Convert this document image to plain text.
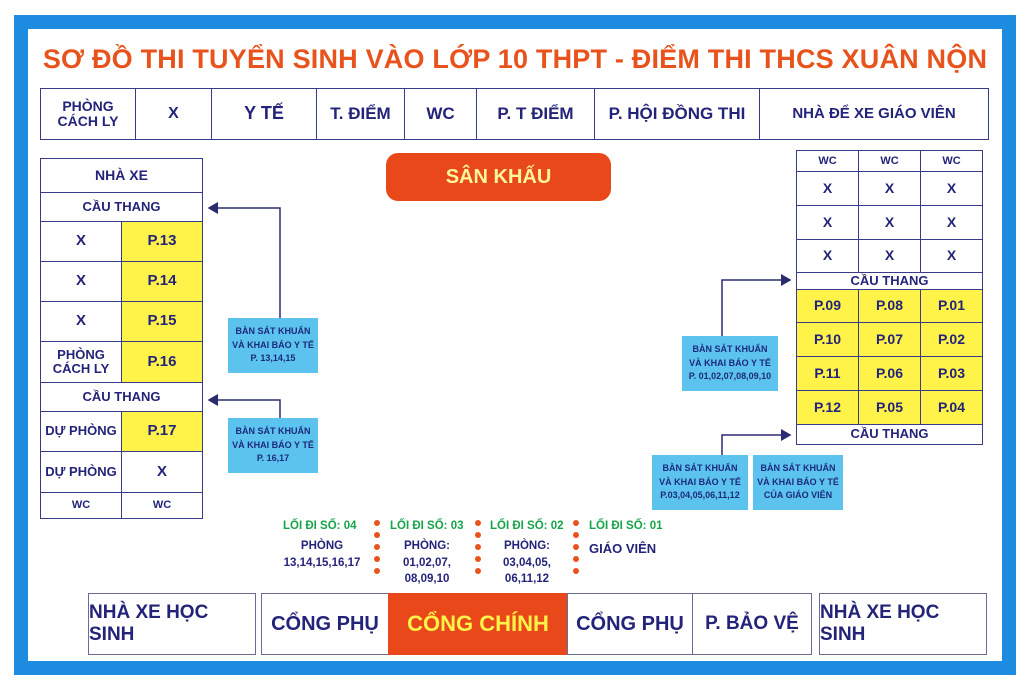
SƠ ĐỒ THI TUYỂN SINH VÀO LỚP 10 THPT - ĐIỂM THI THCS XUÂN NỘN
PHÒNG CÁCH LY	X	Y TẾ	T. ĐIỂM	WC	P. T ĐIỂM	P. HỘI ĐỒNG THI	NHÀ ĐỂ XE GIÁO VIÊN
SÂN KHẤU
NHÀ XE
CẦU THANG
X	P.13
X	P.14
X	P.15
PHÒNG CÁCH LY	P.16
CẦU THANG
DỰ PHÒNG	P.17
DỰ PHÒNG	X
WC	WC
WC	WC	WC
X	X	X
X	X	X
X	X	X
CẦU THANG
P.09	P.08	P.01
P.10	P.07	P.02
P.11	P.06	P.03
P.12	P.05	P.04
CẦU THANG
BÀN SÁT KHUẨN
VÀ KHAI BÁO Y TẾ
P. 13,14,15
BÀN SÁT KHUẨN
VÀ KHAI BÁO Y TẾ
P. 16,17
BÀN SÁT KHUẨN
VÀ KHAI BÁO Y TẾ
P. 01,02,07,08,09,10
BÀN SÁT KHUẨN
VÀ KHAI BÁO Y TẾ
P.03,04,05,06,11,12
BÀN SÁT KHUẨN
VÀ KHAI BÁO Y TẾ
CỦA GIÁO VIÊN
LỐI ĐI SỐ: 04
PHÒNG
13,14,15,16,17
LỐI ĐI SỐ: 03
PHÒNG:
01,02,07,
08,09,10
LỐI ĐI SỐ: 02
PHÒNG:
03,04,05,
06,11,12
LỐI ĐI SỐ: 01
GIÁO VIÊN
NHÀ XE HỌC SINH	CỔNG PHỤ	CỔNG CHÍNH	CỔNG PHỤ	P. BẢO VỆ
NHÀ XE HỌC SINH
